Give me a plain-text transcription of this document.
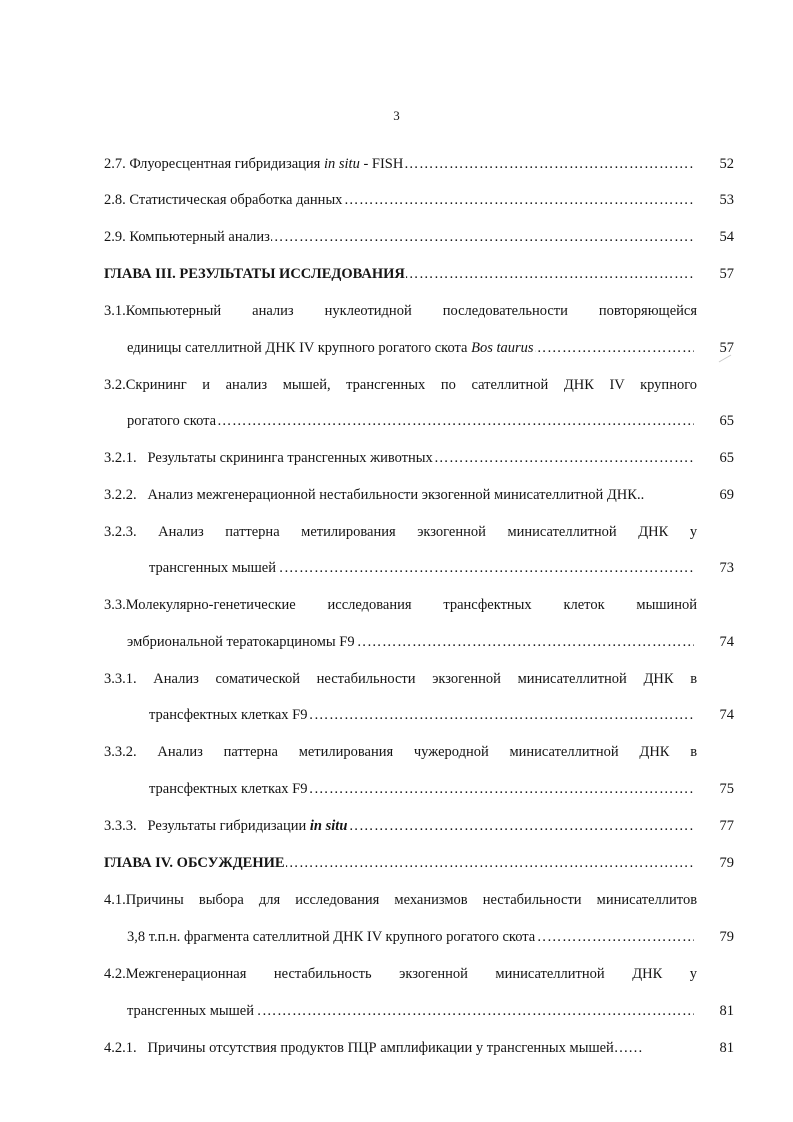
3
……………………………………………………………………………………………………………………………………………
2.7. Флуоресцентная гибридизация in situ - FISH	52
……………………………………………………………………………………………………………………………………………
2.8. Статистическая обработка данных	53
……………………………………………………………………………………………………………………………………………
2.9. Компьютерный анализ	54
……………………………………………………………………………………………………………………………………………
ГЛАВА III. РЕЗУЛЬТАТЫ ИССЛЕДОВАНИЯ	57
3.1.Компьютерный анализ нуклеотидной последовательности повторяющейся
……………………………………………………………………………………………………………………………………………
единицы сателлитной ДНК IV крупного рогатого скота Bos taurus	57
3.2.Скрининг и анализ мышей, трансгенных по сателлитной ДНК IV крупного
……………………………………………………………………………………………………………………………………………
рогатого скота	65
……………………………………………………………………………………………………………………………………………
3.2.1.   Результаты скрининга трансгенных животных	65
3.2.2.   Анализ межгенерационной нестабильности экзогенной минисателлитной ДНК..	69
3.2.3. Анализ паттерна метилирования экзогенной минисателлитной ДНК у
……………………………………………………………………………………………………………………………………………
трансгенных мышей	73
3.3.Молекулярно-генетические исследования трансфектных клеток мышиной
……………………………………………………………………………………………………………………………………………
эмбриональной тератокарциномы F9	74
3.3.1. Анализ соматической нестабильности экзогенной минисателлитной ДНК в
……………………………………………………………………………………………………………………………………………
трансфектных клетках F9	74
3.3.2. Анализ паттерна метилирования чужеродной минисателлитной ДНК в
……………………………………………………………………………………………………………………………………………
трансфектных клетках F9	75
……………………………………………………………………………………………………………………………………………
3.3.3.   Результаты гибридизации in situ	77
……………………………………………………………………………………………………………………………………………
ГЛАВА IV. ОБСУЖДЕНИЕ	79
4.1.Причины выбора для исследования механизмов нестабильности минисателлитов
……………………………………………………………………………………………………………………………………………
3,8 т.п.н. фрагмента сателлитной ДНК IV крупного рогатого скота	79
4.2.Межгенерационная нестабильность экзогенной минисателлитной ДНК у
……………………………………………………………………………………………………………………………………………
трансгенных мышей	81
4.2.1.   Причины отсутствия продуктов ПЦР амплификации у трансгенных мышей……	81
